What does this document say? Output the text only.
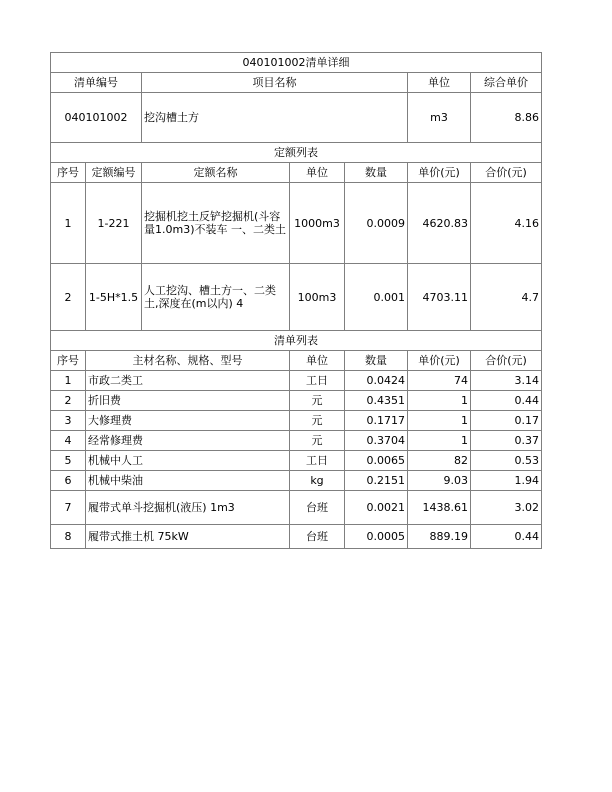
040101002清单详细						
清单编号		项目名称			单位	综合单价
040101002		挖沟槽土方			m3	8.86
定额列表						
序号	定额编号	定额名称	单位	数量	单价(元)	合价(元)
1	1-221	挖掘机挖土反铲挖掘机(斗容量1.0m3)不装车 一、二类土	1000m3	0.0009	4620.83	4.16
2	1-5H*1.5	人工挖沟、槽土方一、二类土,深度在(m以内) 4	100m3	0.001	4703.11	4.7
清单列表						
序号	主材名称、规格、型号		单位	数量	单价(元)	合价(元)
1	市政二类工		工日	0.0424	74	3.14
2	折旧费		元	0.4351	1	0.44
3	大修理费		元	0.1717	1	0.17
4	经常修理费		元	0.3704	1	0.37
5	机械中人工		工日	0.0065	82	0.53
6	机械中柴油		kg	0.2151	9.03	1.94
7	履带式单斗挖掘机(液压) 1m3		台班	0.0021	1438.61	3.02
8	履带式推土机 75kW		台班	0.0005	889.19	0.44
